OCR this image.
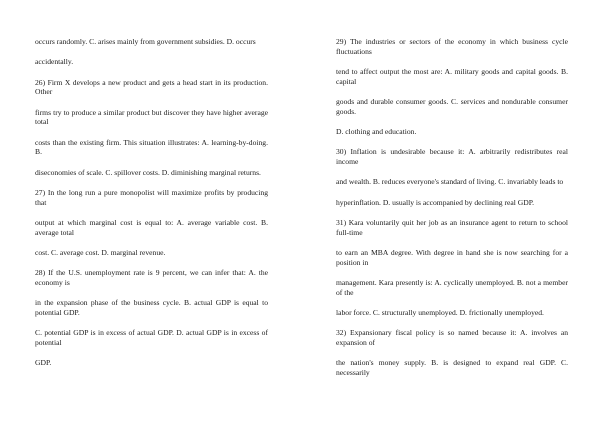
occurs randomly. C. arises mainly from government subsidies. D. occurs

accidentally.

26) Firm X develops a new product and gets a head start in its production. Other

firms try to produce a similar product but discover they have higher average total

costs than the existing firm. This situation illustrates: A. learning-by-doing. B.

diseconomies of scale. C. spillover costs. D. diminishing marginal returns.

27) In the long run a pure monopolist will maximize profits by producing that

output at which marginal cost is equal to: A. average variable cost. B. average total

cost. C. average cost. D. marginal revenue.

28) If the U.S. unemployment rate is 9 percent, we can infer that: A. the economy is

in the expansion phase of the business cycle. B. actual GDP is equal to potential GDP.

C. potential GDP is in excess of actual GDP. D. actual GDP is in excess of potential

GDP.

29) The industries or sectors of the economy in which business cycle fluctuations

tend to affect output the most are: A. military goods and capital goods. B. capital

goods and durable consumer goods. C. services and nondurable consumer goods.

D. clothing and education.

30) Inflation is undesirable because it: A. arbitrarily redistributes real income

and wealth. B. reduces everyone's standard of living. C. invariably leads to

hyperinflation. D. usually is accompanied by declining real GDP.

31) Kara voluntarily quit her job as an insurance agent to return to school full-time

to earn an MBA degree. With degree in hand she is now searching for a position in

management. Kara presently is: A. cyclically unemployed. B. not a member of the

labor force. C. structurally unemployed. D. frictionally unemployed.

32) Expansionary fiscal policy is so named because it: A. involves an expansion of

the nation's money supply. B. is designed to expand real GDP. C. necessarily
